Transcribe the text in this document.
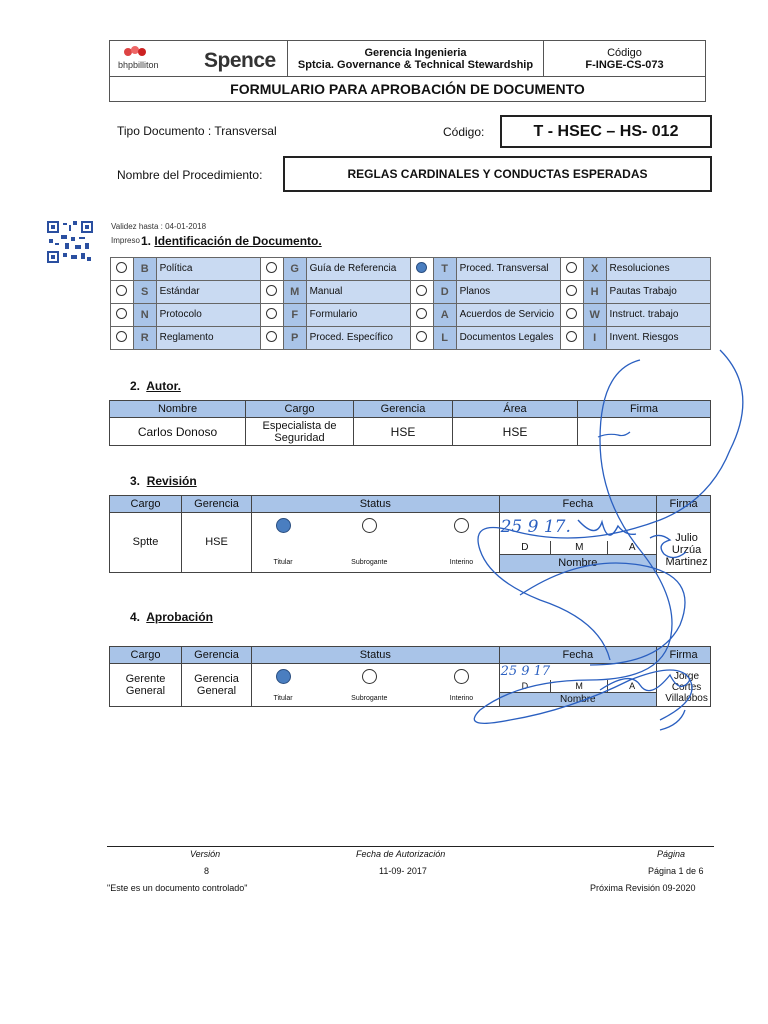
bhpbilliton Spence	Gerencia Ingenieria
Sptcia. Governance & Technical Stewardship

Código
F-INGE-CS-073

FORMULARIO PARA APROBACIÓN DE DOCUMENTO
Tipo Documento : Transversal	Código:	T - HSEC – HS- 012
Nombre del Procedimiento:	REGLAS CARDINALES Y CONDUCTAS ESPERADAS
Validez hasta : 04-01-2018
Impreso 1. Identificación de Documento.
	B	Política		G	Guía de Referencia		T	Proced. Transversal		X	Resoluciones
	S	Estándar		M	Manual		D	Planos		H	Pautas Trabajo
	N	Protocolo		F	Formulario		A	Acuerdos de Servicio		W	Instruct. trabajo
	R	Reglamento		P	Proced. Específico		L	Documentos Legales		I	Invent. Riesgos
2. Autor.
Nombre	Cargo	Gerencia	Área	Firma
Carlos Donoso	Especialista de Seguridad	HSE	HSE	
3. Revisión
Cargo	Gerencia	Status			Fecha			Firma
Sptte	HSE				25 9 17.			Julio Urzúa Martinez

					D	M	A	
		Titular	Subrogante	Interino	Nombre			
4. Aprobación
Cargo	Gerencia	Status			Fecha			Firma
Gerente General	Gerencia General				25 9 17			Jorge Cortes Villalobos

					D	M	A	
		Titular	Subrogante	Interino	Nombre			
Versión
8
Fecha de Autorización
11-09- 2017
Página
Página 1 de 6
"Este es un documento controlado"	Próxima Revisión 09-2020
